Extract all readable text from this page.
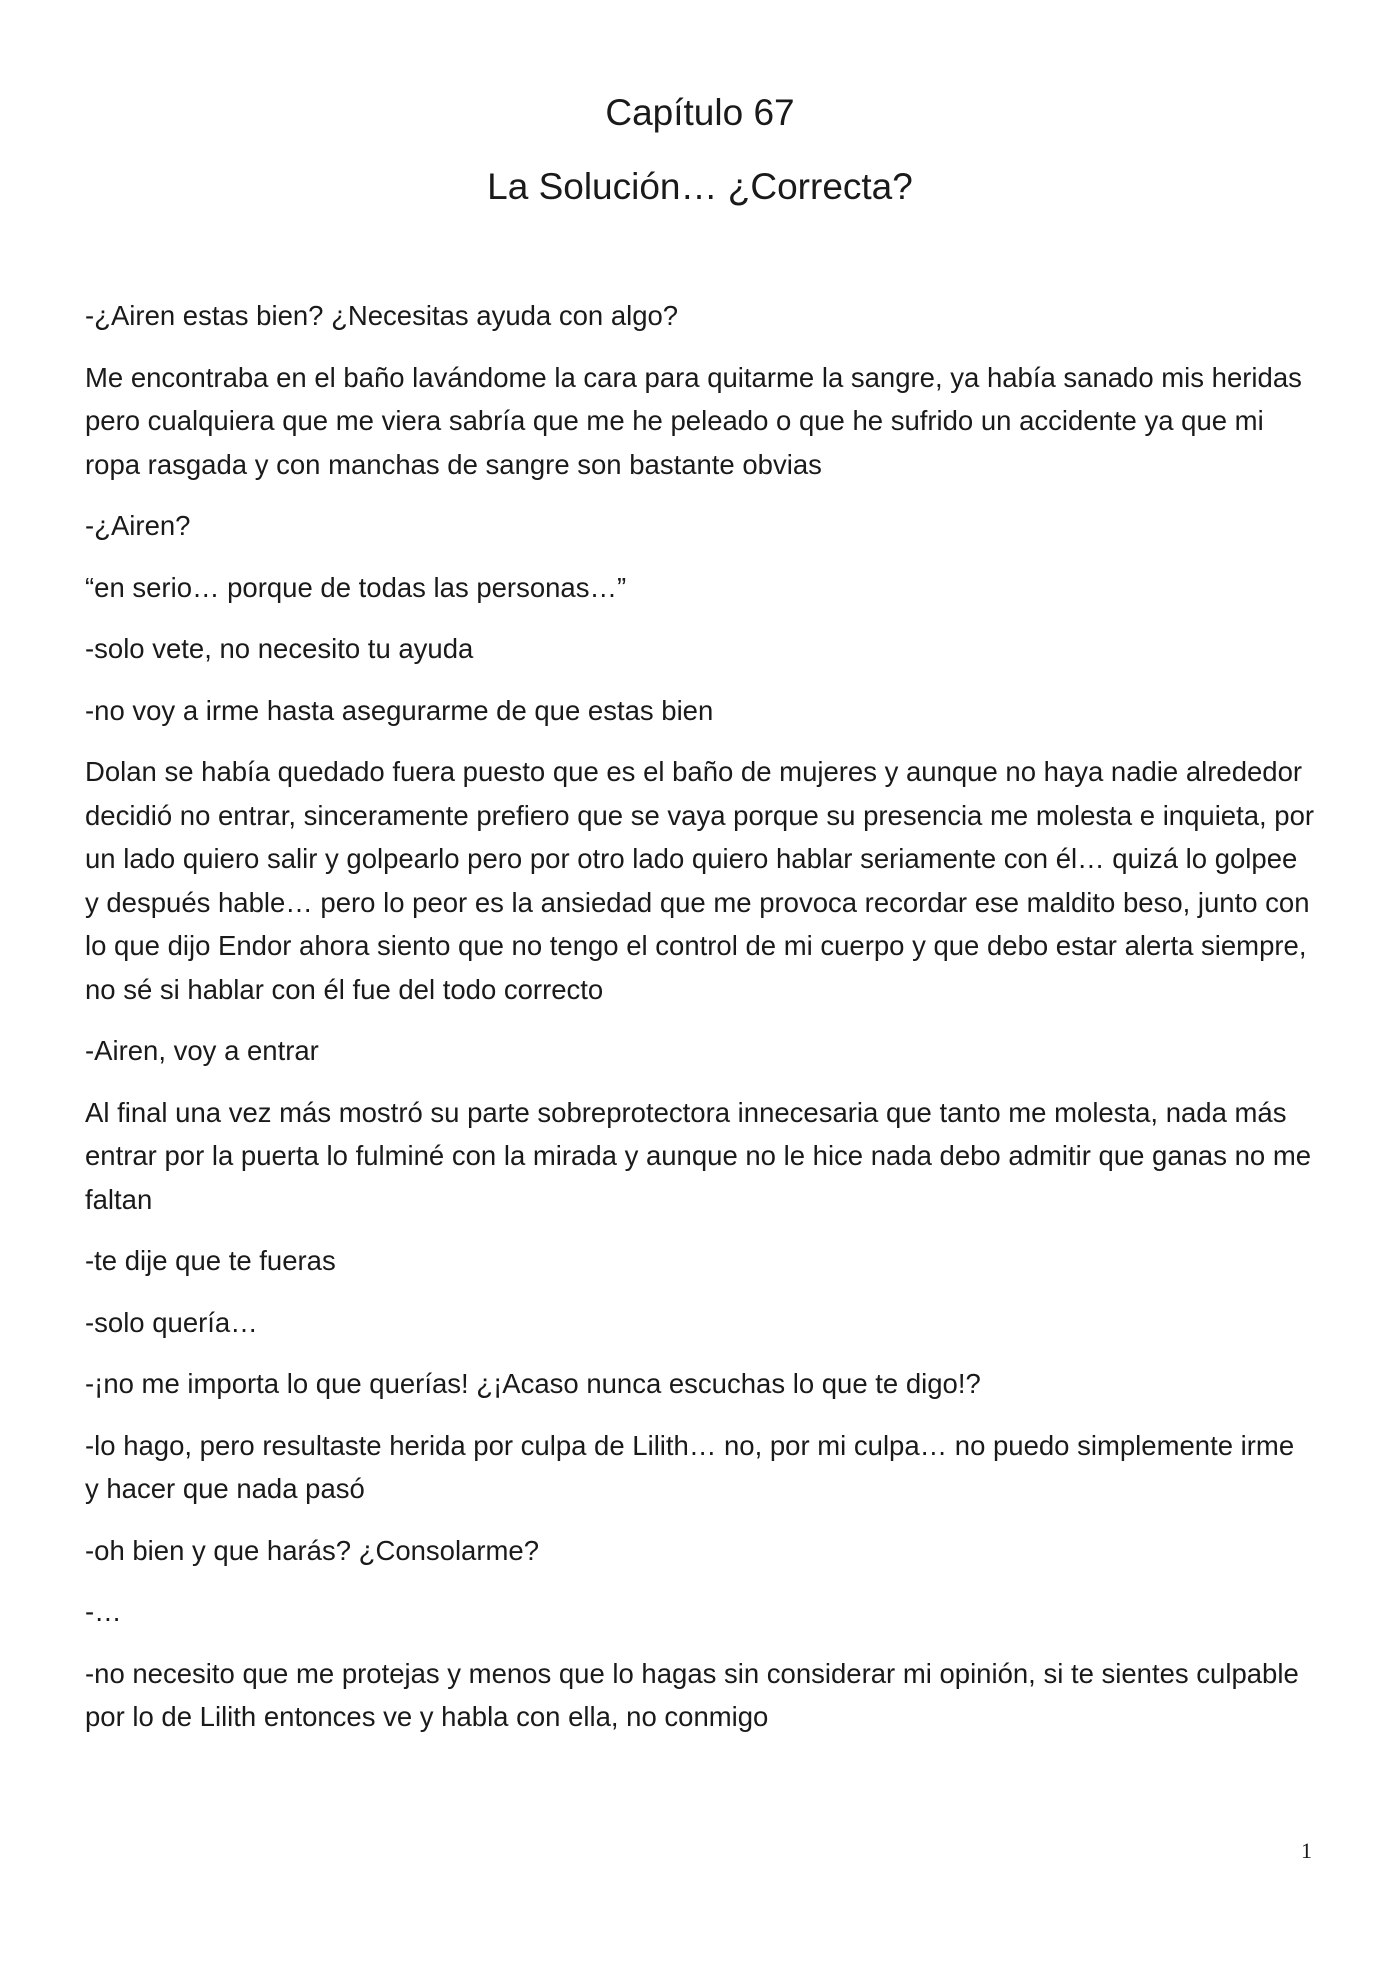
Capítulo 67
La Solución… ¿Correcta?

-¿Airen estas bien? ¿Necesitas ayuda con algo?

Me encontraba en el baño lavándome la cara para quitarme la sangre, ya había sanado mis heridas pero cualquiera que me viera sabría que me he peleado o que he sufrido un accidente ya que mi ropa rasgada y con manchas de sangre son bastante obvias

-¿Airen?

“en serio… porque de todas las personas…”

-solo vete, no necesito tu ayuda

-no voy a irme hasta asegurarme de que estas bien

Dolan se había quedado fuera puesto que es el baño de mujeres y aunque no haya nadie alrededor decidió no entrar, sinceramente prefiero que se vaya porque su presencia me molesta e inquieta, por un lado quiero salir y golpearlo pero por otro lado quiero hablar seriamente con él… quizá lo golpee y después hable… pero lo peor es la ansiedad que me provoca recordar ese maldito beso, junto con lo que dijo Endor ahora siento que no tengo el control de mi cuerpo y que debo estar alerta siempre, no sé si hablar con él fue del todo correcto

-Airen, voy a entrar

Al final una vez más mostró su parte sobreprotectora innecesaria que tanto me molesta, nada más entrar por la puerta lo fulminé con la mirada y aunque no le hice nada debo admitir que ganas no me faltan

-te dije que te fueras

-solo quería…

-¡no me importa lo que querías! ¿¡Acaso nunca escuchas lo que te digo!?

-lo hago, pero resultaste herida por culpa de Lilith… no, por mi culpa… no puedo simplemente irme y hacer que nada pasó

-oh bien y que harás? ¿Consolarme?

-…

-no necesito que me protejas y menos que lo hagas sin considerar mi opinión, si te sientes culpable por lo de Lilith entonces ve y habla con ella, no conmigo

1
